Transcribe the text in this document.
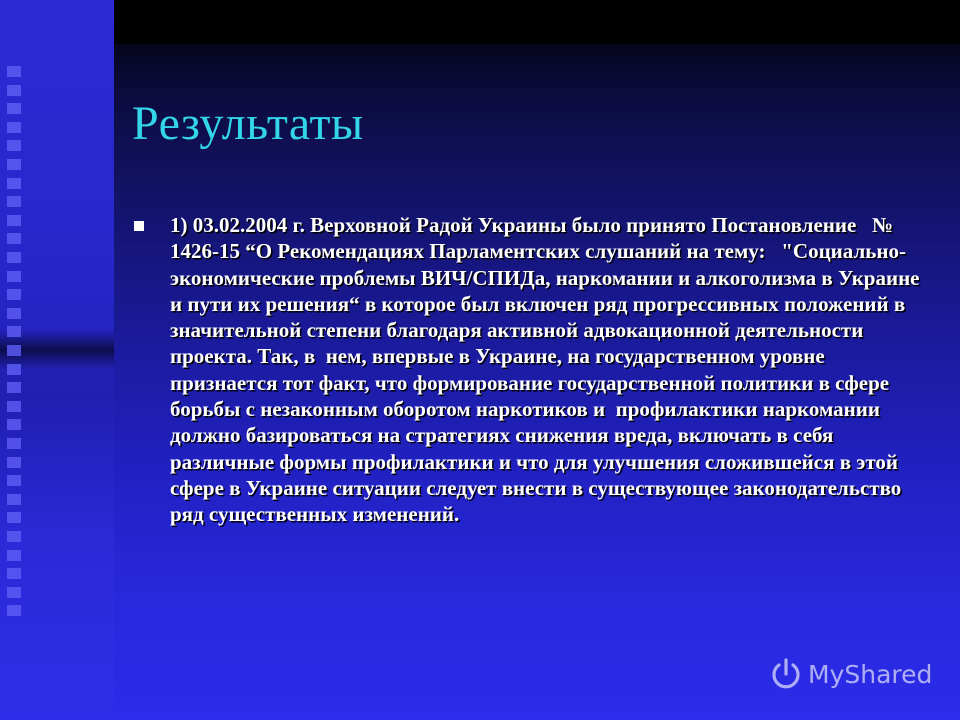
Результаты
1) 03.02.2004 г. Верховной Радой Украины было принято Постановление   № 1426-15 “О Рекомендациях Парламентских слушаний на тему:   "Социально-экономические проблемы ВИЧ/СПИДа, наркомании и алкоголизма в Украине и пути их решения“ в которое был включен ряд прогрессивных положений в значительной степени благодаря активной адвокационной деятельности проекта. Так, в  нем, впервые в Украине, на государственном уровне признается тот факт, что формирование государственной политики в сфере борьбы с незаконным оборотом наркотиков и  профилактики наркомании должно базироваться на стратегиях снижения вреда, включать в себя различные формы профилактики и что для улучшения сложившейся в этой сфере в Украине ситуации следует внести в существующее законодательство ряд существенных изменений.
MyShared
